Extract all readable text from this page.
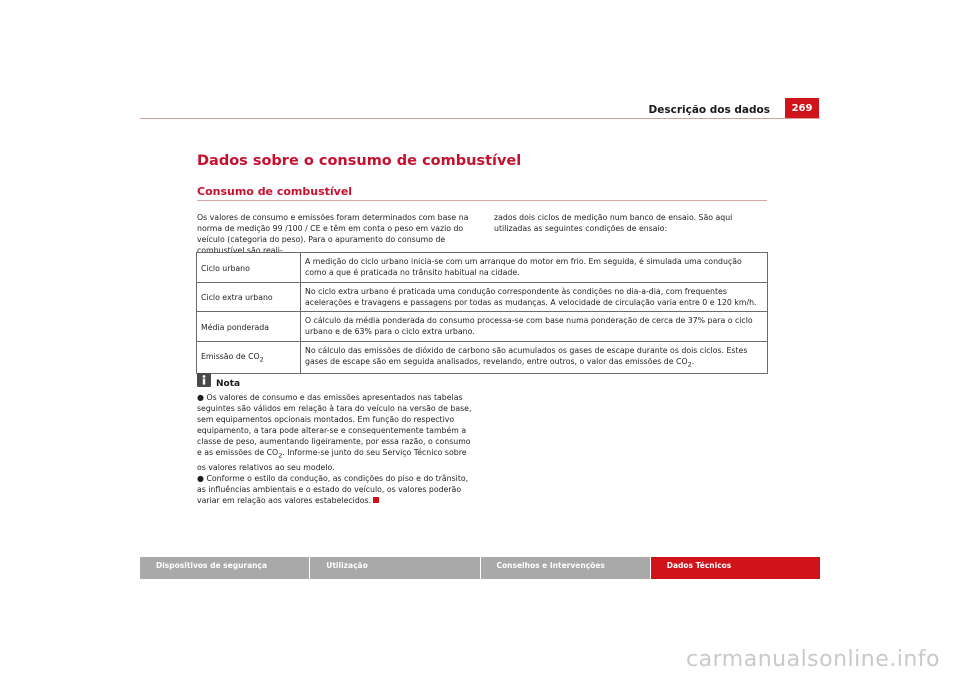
Descrição dos dados	269
Dados sobre o consumo de combustível
Consumo de combustível
Os valores de consumo e emissões foram determinados com base na norma de medição 99 /100 / CE e têm em conta o peso em vazio do veículo (categoria do peso). Para o apuramento do consumo de combustível são reali-
zados dois ciclos de medição num banco de ensaio. São aqui utilizadas as seguintes condições de ensaio:
Ciclo urbano	A medição do ciclo urbano inicia-se com um arranque do motor em frio. Em seguida, é simulada uma condução como a que é praticada no trânsito habitual na cidade.
Ciclo extra urbano	No ciclo extra urbano é praticada uma condução correspondente às condições no dia-a-dia, com frequentes acelerações e travagens e passagens por todas as mudanças. A velocidade de circulação varia entre 0 e 120 km/h.
Média ponderada	O cálculo da média ponderada do consumo processa-se com base numa ponderação de cerca de 37% para o ciclo urbano e de 63% para o ciclo extra urbano.
Emissão de $CO_2$	No cálculo das emissões de dióxido de carbono são acumulados os gases de escape durante os dois ciclos. Estes gases de escape são em seguida analisados, revelando, entre outros, o valor das emissões de $CO_2$.
Nota
● Os valores de consumo e das emissões apresentados nas tabelas seguintes são válidos em relação à tara do veículo na versão de base, sem equipamentos opcionais montados. Em função do respectivo equipamento, a tara pode alterar-se e consequentemente também a classe de peso, aumentando ligeiramente, por essa razão, o consumo e as emissões de $CO_2$. Informe-se junto do seu Serviço Técnico sobre os valores relativos ao seu modelo.
● Conforme o estilo da condução, as condições do piso e do trânsito, as influências ambientais e o estado do veículo, os valores poderão variar em relação aos valores estabelecidos.
Dispositivos de segurança	Utilização	Conselhos e Intervenções	Dados Técnicos
carmanualsonline.info
